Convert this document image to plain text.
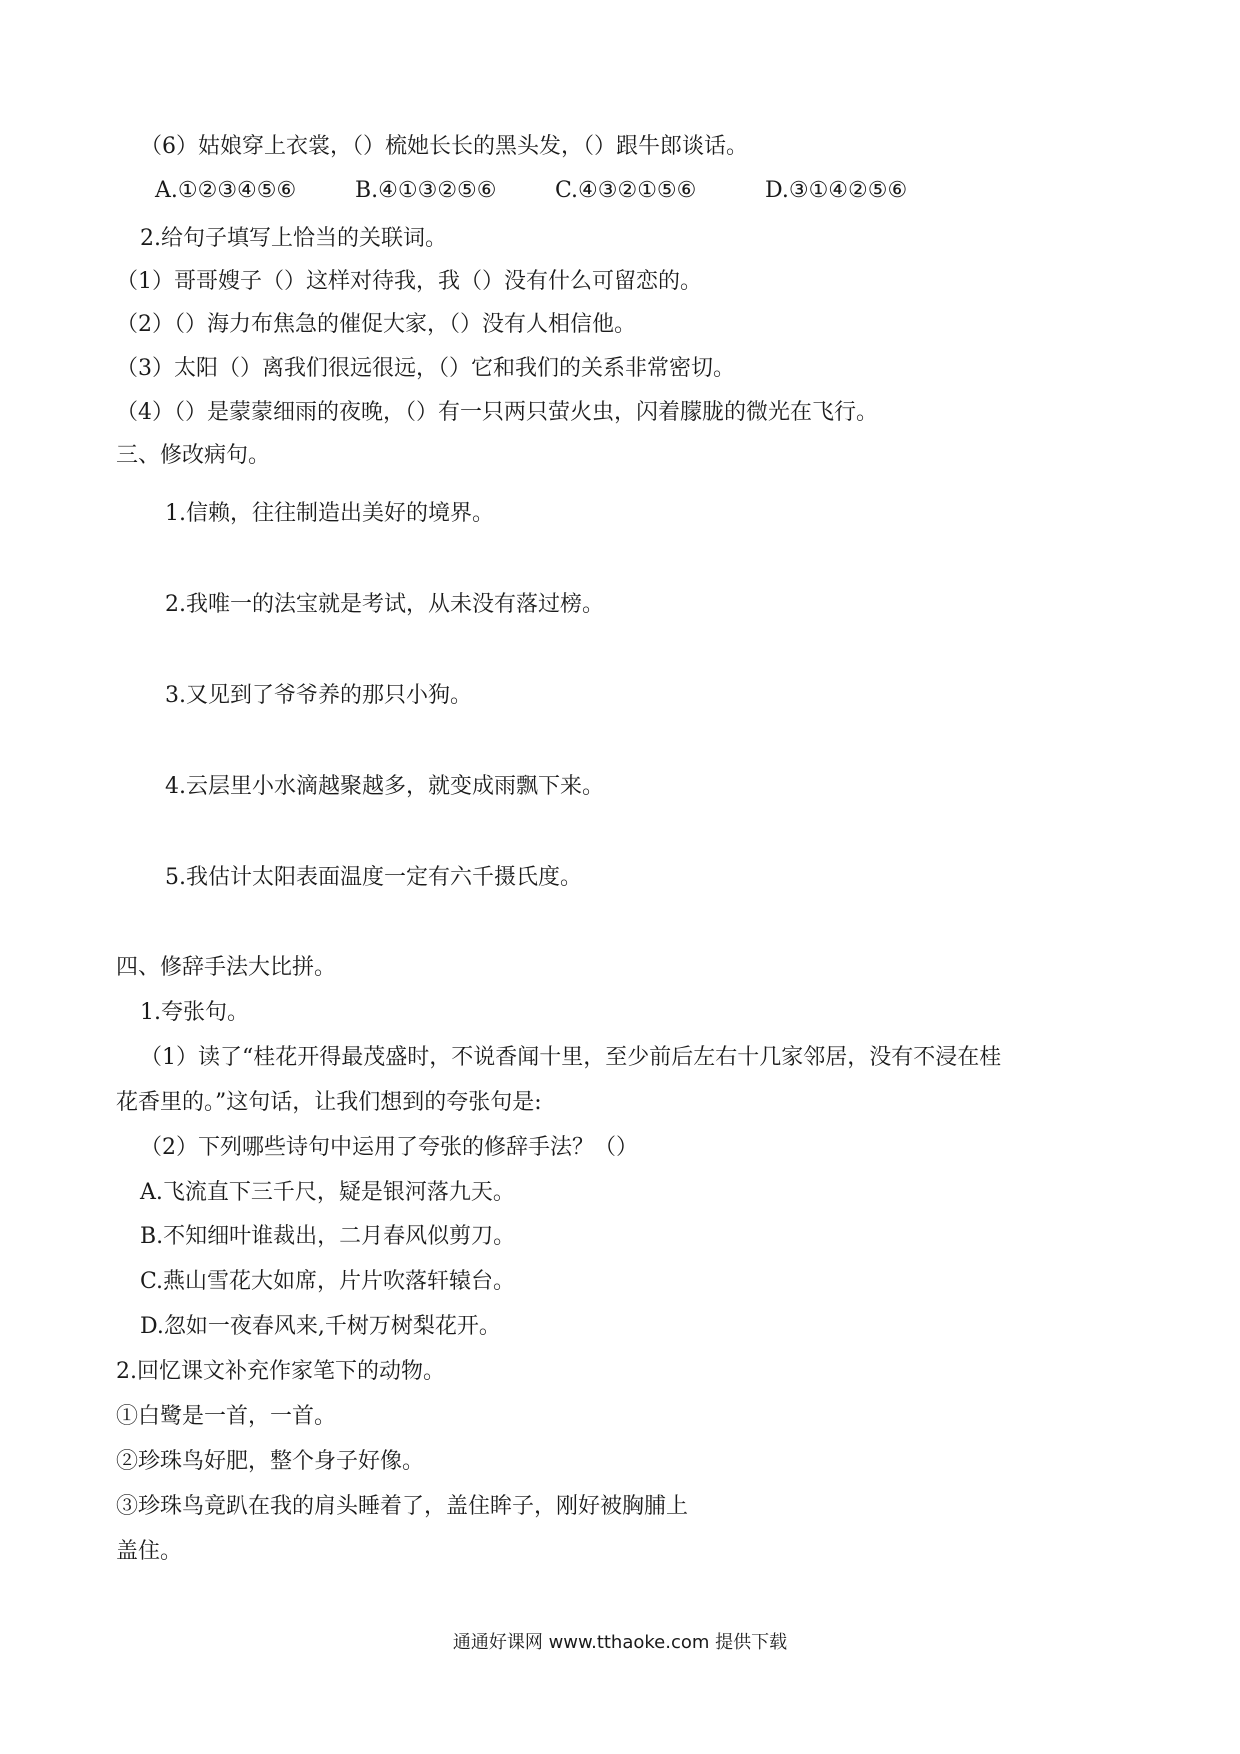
（6）姑娘穿上衣裳，（）梳她长长的黑头发，（）跟牛郎谈话。
A.①②③④⑤⑥	B.④①③②⑤⑥	C.④③②①⑤⑥	D.③①④②⑤⑥
2.给句子填写上恰当的关联词。
（1）哥哥嫂子（）这样对待我，我（）没有什么可留恋的。
（2）（）海力布焦急的催促大家，（）没有人相信他。
（3）太阳（）离我们很远很远，（）它和我们的关系非常密切。
（4）（）是蒙蒙细雨的夜晚，（）有一只两只萤火虫，闪着朦胧的微光在飞行。
三、修改病句。
1.信赖，往往制造出美好的境界。
2.我唯一的法宝就是考试，从未没有落过榜。
3.又见到了爷爷养的那只小狗。
4.云层里小水滴越聚越多，就变成雨飘下来。
5.我估计太阳表面温度一定有六千摄氏度。
四、修辞手法大比拼。
1.夸张句。
（1）读了“桂花开得最茂盛时，不说香闻十里，至少前后左右十几家邻居，没有不浸在桂
花香里的。”这句话，让我们想到的夸张句是:
（2）下列哪些诗句中运用了夸张的修辞手法？（）
A.飞流直下三千尺，疑是银河落九天。
B.不知细叶谁裁出，二月春风似剪刀。
C.燕山雪花大如席，片片吹落轩辕台。
D.忽如一夜春风来,千树万树梨花开。
2.回忆课文补充作家笔下的动物。
①白鹭是一首，一首。
②珍珠鸟好肥，整个身子好像。
③珍珠鸟竟趴在我的肩头睡着了，盖住眸子，刚好被胸脯上
盖住。
通通好课网 www.tthaoke.com 提供下载
